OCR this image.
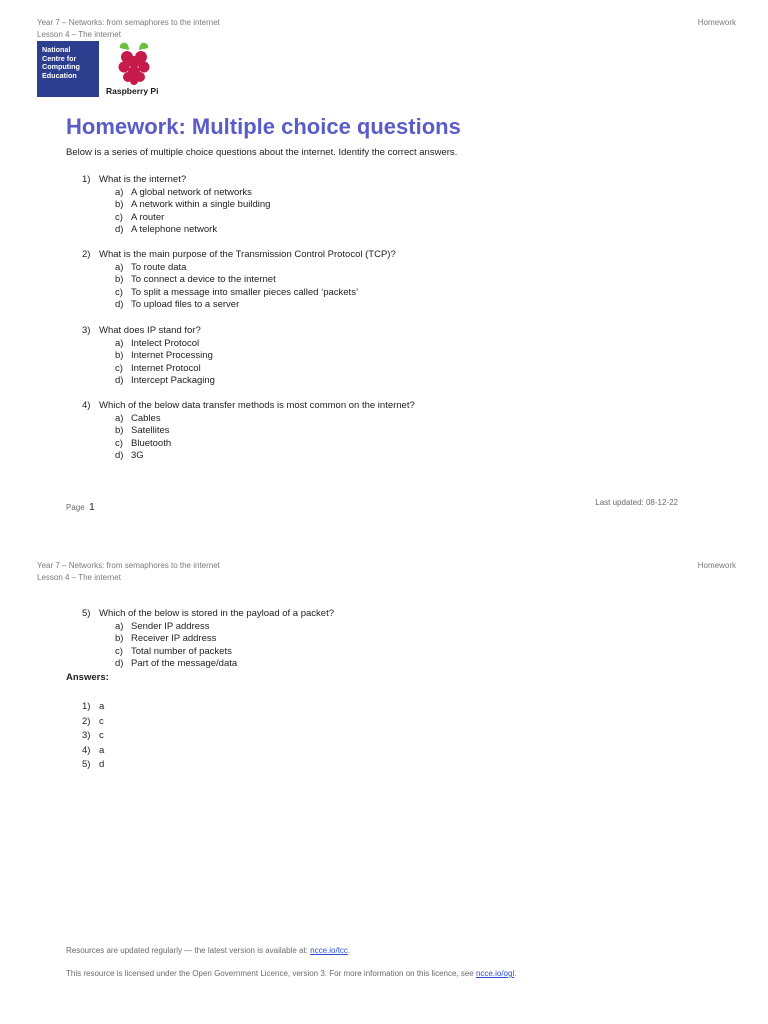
Year 7 – Networks: from semaphores to the internet
Lesson 4 – The internet
Homework
National
Centre for
Computing
Education
Raspberry Pi
Homework: Multiple choice questions
Below is a series of multiple choice questions about the internet. Identify the correct answers.
1) What is the internet?
a) A global network of networks
b) A network within a single building
c) A router
d) A telephone network
2) What is the main purpose of the Transmission Control Protocol (TCP)?
a) To route data
b) To connect a device to the internet
c) To split a message into smaller pieces called ‘packets’
d) To upload files to a server
3) What does IP stand for?
a) Intelect Protocol
b) Internet Processing
c) Internet Protocol
d) Intercept Packaging
4) Which of the below data transfer methods is most common on the internet?
a) Cables
b) Satellites
c) Bluetooth
d) 3G
Page 1	Last updated: 08-12-22
Year 7 – Networks: from semaphores to the internet
Lesson 4 – The internet
Homework
5) Which of the below is stored in the payload of a packet?
a) Sender IP address
b) Receiver IP address
c) Total number of packets
d) Part of the message/data
Answers:
1) a
2) c
3) c
4) a
5) d
Resources are updated regularly — the latest version is available at: ncce.io/tcc.
This resource is licensed under the Open Government Licence, version 3. For more information on this licence, see ncce.io/ogl.
